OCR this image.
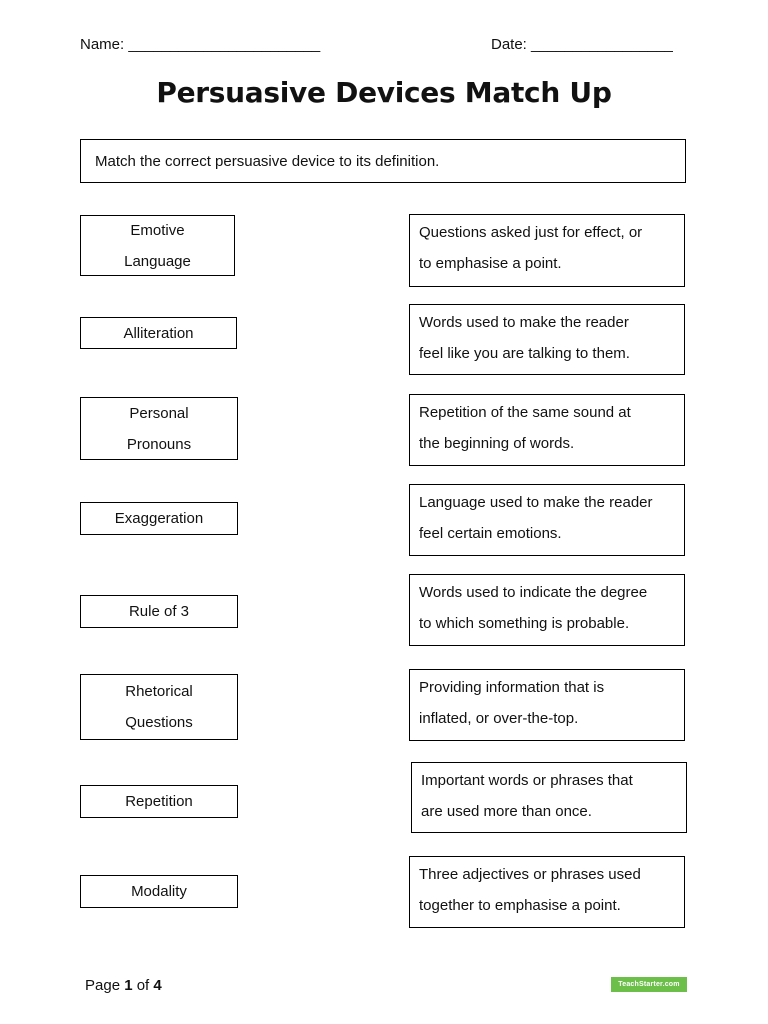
Name: _______________________	Date: _________________
Persuasive Devices Match Up
Match the correct persuasive device to its definition.
Emotive
Language
Alliteration
Personal
Pronouns
Exaggeration
Rule of 3
Rhetorical
Questions
Repetition
Modality
Questions asked just for effect, or
to emphasise a point.
Words used to make the reader
feel like you are talking to them.
Repetition of the same sound at
the beginning of words.
Language used to make the reader
feel certain emotions.
Words used to indicate the degree
to which something is probable.
Providing information that is
inflated, or over-the-top.
Important words or phrases that
are used more than once.
Three adjectives or phrases used
together to emphasise a point.
Page 1 of 4	TeachStarter.com
